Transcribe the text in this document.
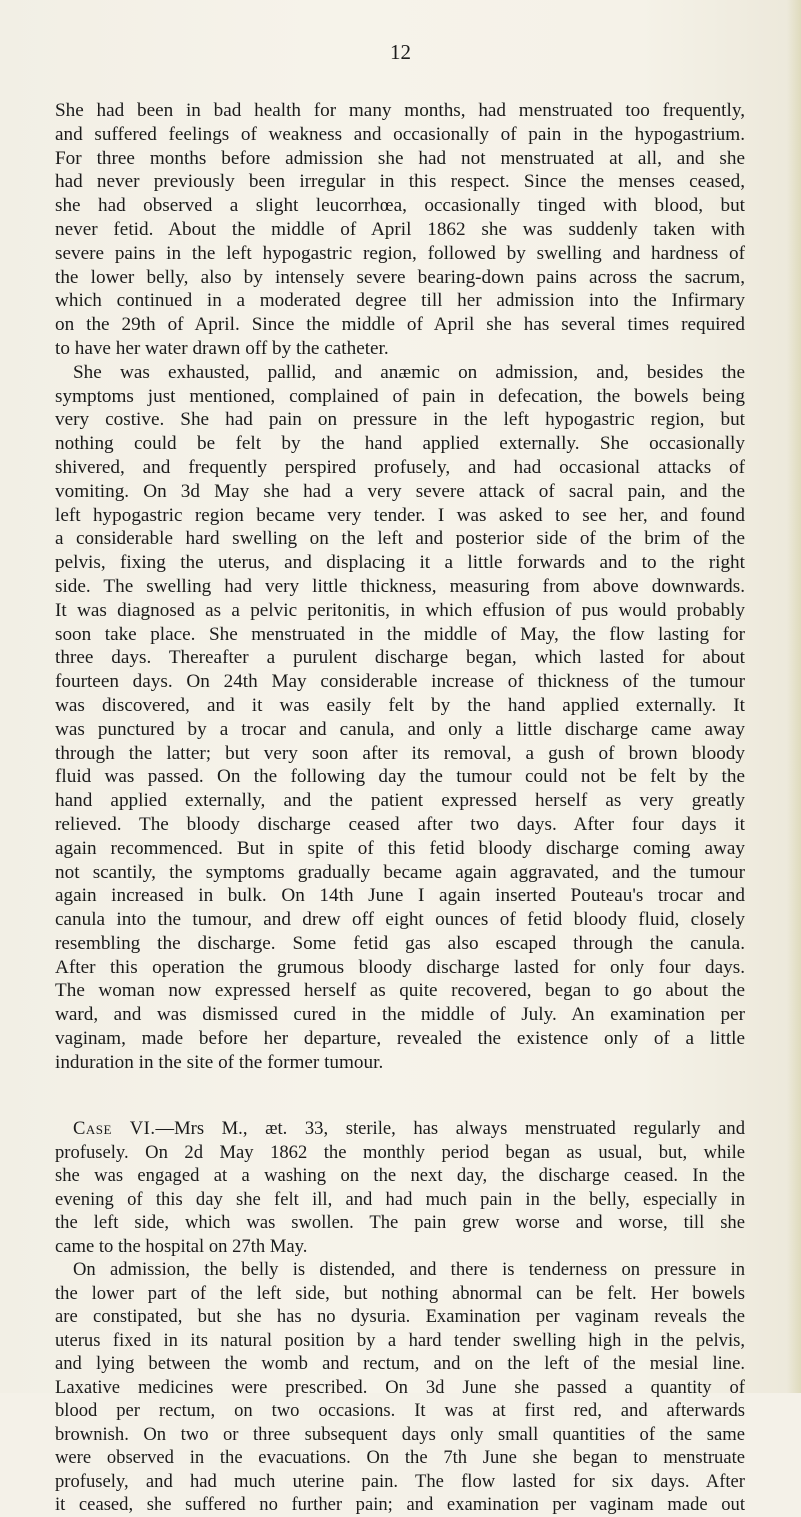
12
She had been in bad health for many months, had menstruated too frequently,
and suffered feelings of weakness and occasionally of pain in the hypogastrium.
For three months before admission she had not menstruated at all, and she
had never previously been irregular in this respect. Since the menses ceased,
she had observed a slight leucorrhœa, occasionally tinged with blood, but
never fetid. About the middle of April 1862 she was suddenly taken with
severe pains in the left hypogastric region, followed by swelling and hardness of
the lower belly, also by intensely severe bearing-down pains across the sacrum,
which continued in a moderated degree till her admission into the Infirmary
on the 29th of April. Since the middle of April she has several times required
to have her water drawn off by the catheter.
She was exhausted, pallid, and anæmic on admission, and, besides the
symptoms just mentioned, complained of pain in defecation, the bowels being
very costive. She had pain on pressure in the left hypogastric region, but
nothing could be felt by the hand applied externally. She occasionally
shivered, and frequently perspired profusely, and had occasional attacks of
vomiting. On 3d May she had a very severe attack of sacral pain, and the
left hypogastric region became very tender. I was asked to see her, and found
a considerable hard swelling on the left and posterior side of the brim of the
pelvis, fixing the uterus, and displacing it a little forwards and to the right
side. The swelling had very little thickness, measuring from above downwards.
It was diagnosed as a pelvic peritonitis, in which effusion of pus would probably
soon take place. She menstruated in the middle of May, the flow lasting for
three days. Thereafter a purulent discharge began, which lasted for about
fourteen days. On 24th May considerable increase of thickness of the tumour
was discovered, and it was easily felt by the hand applied externally. It
was punctured by a trocar and canula, and only a little discharge came away
through the latter; but very soon after its removal, a gush of brown bloody
fluid was passed. On the following day the tumour could not be felt by the
hand applied externally, and the patient expressed herself as very greatly
relieved. The bloody discharge ceased after two days. After four days it
again recommenced. But in spite of this fetid bloody discharge coming away
not scantily, the symptoms gradually became again aggravated, and the tumour
again increased in bulk. On 14th June I again inserted Pouteau's trocar and
canula into the tumour, and drew off eight ounces of fetid bloody fluid, closely
resembling the discharge. Some fetid gas also escaped through the canula.
After this operation the grumous bloody discharge lasted for only four days.
The woman now expressed herself as quite recovered, began to go about the
ward, and was dismissed cured in the middle of July. An examination per
vaginam, made before her departure, revealed the existence only of a little
induration in the site of the former tumour.
Case VI.—Mrs M., æt. 33, sterile, has always menstruated regularly and
profusely. On 2d May 1862 the monthly period began as usual, but, while
she was engaged at a washing on the next day, the discharge ceased. In the
evening of this day she felt ill, and had much pain in the belly, especially in
the left side, which was swollen. The pain grew worse and worse, till she
came to the hospital on 27th May.
On admission, the belly is distended, and there is tenderness on pressure in
the lower part of the left side, but nothing abnormal can be felt. Her bowels
are constipated, but she has no dysuria. Examination per vaginam reveals the
uterus fixed in its natural position by a hard tender swelling high in the pelvis,
and lying between the womb and rectum, and on the left of the mesial line.
Laxative medicines were prescribed. On 3d June she passed a quantity of
blood per rectum, on two occasions. It was at first red, and afterwards
brownish. On two or three subsequent days only small quantities of the same
were observed in the evacuations. On the 7th June she began to menstruate
profusely, and had much uterine pain. The flow lasted for six days. After
it ceased, she suffered no further pain; and examination per vaginam made out
